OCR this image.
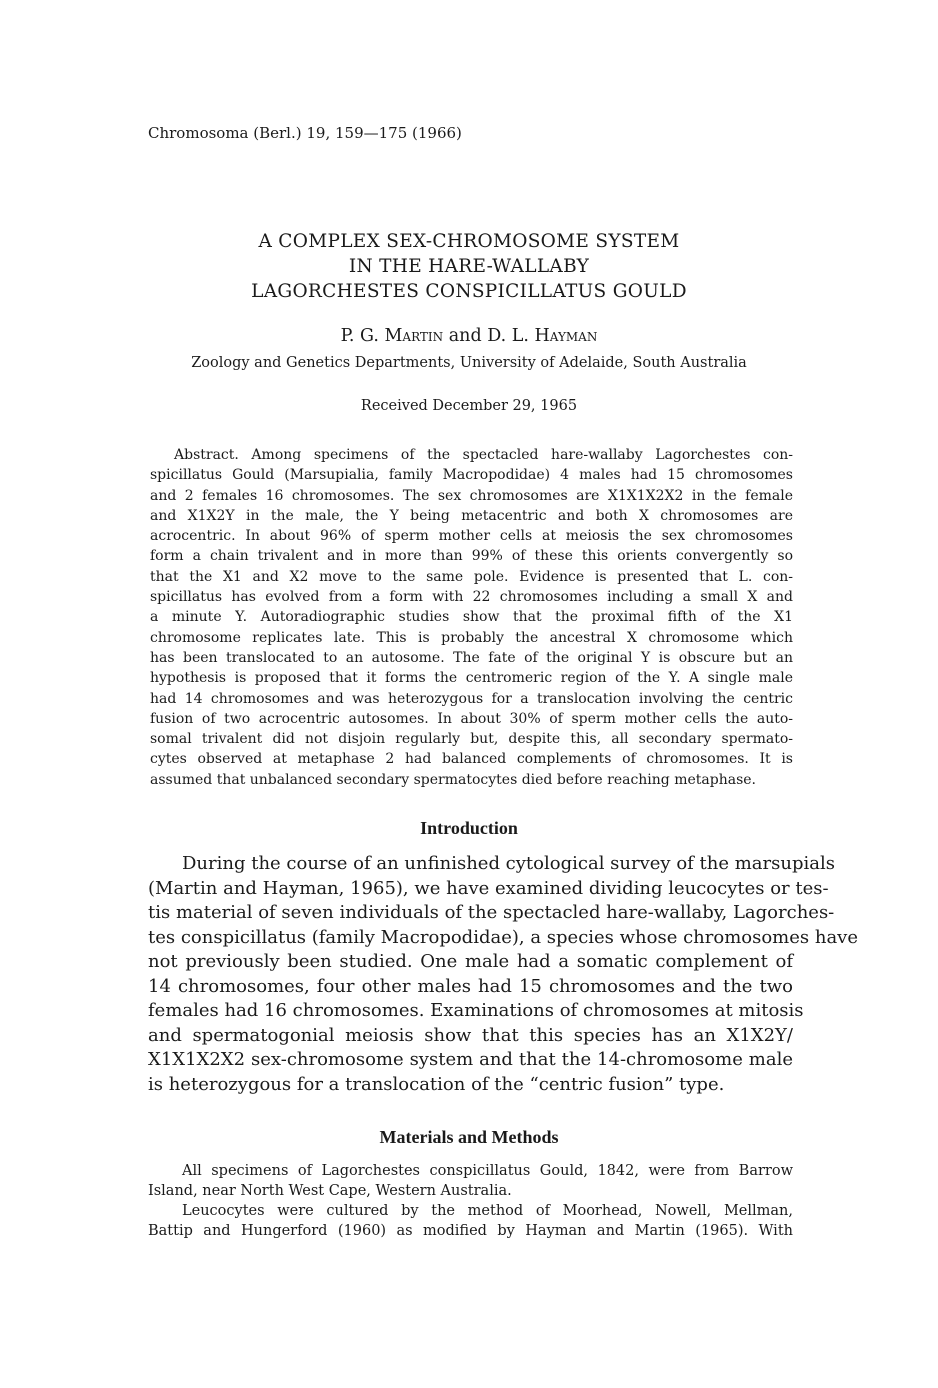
Chromosoma (Berl.) 19, 159—175 (1966)
A COMPLEX SEX-CHROMOSOME SYSTEM
IN THE HARE-WALLABY
LAGORCHESTES CONSPICILLATUS GOULD
P. G. Martin and D. L. Hayman
Zoology and Genetics Departments, University of Adelaide, South Australia
Received December 29, 1965
Abstract. Among specimens of the spectacled hare-wallaby Lagorchestes con-
spicillatus Gould (Marsupialia, family Macropodidae) 4 males had 15 chromosomes
and 2 females 16 chromosomes. The sex chromosomes are X1X1X2X2 in the female
and X1X2Y in the male, the Y being metacentric and both X chromosomes are
acrocentric. In about 96% of sperm mother cells at meiosis the sex chromosomes
form a chain trivalent and in more than 99% of these this orients convergently so
that the X1 and X2 move to the same pole. Evidence is presented that L. con-
spicillatus has evolved from a form with 22 chromosomes including a small X and
a minute Y. Autoradiographic studies show that the proximal fifth of the X1
chromosome replicates late. This is probably the ancestral X chromosome which
has been translocated to an autosome. The fate of the original Y is obscure but an
hypothesis is proposed that it forms the centromeric region of the Y. A single male
had 14 chromosomes and was heterozygous for a translocation involving the centric
fusion of two acrocentric autosomes. In about 30% of sperm mother cells the auto-
somal trivalent did not disjoin regularly but, despite this, all secondary spermato-
cytes observed at metaphase 2 had balanced complements of chromosomes. It is
assumed that unbalanced secondary spermatocytes died before reaching metaphase.
Introduction
During the course of an unfinished cytological survey of the marsupials
(Martin and Hayman, 1965), we have examined dividing leucocytes or tes-
tis material of seven individuals of the spectacled hare-wallaby, Lagorches-
tes conspicillatus (family Macropodidae), a species whose chromosomes have
not previously been studied. One male had a somatic complement of
14 chromosomes, four other males had 15 chromosomes and the two
females had 16 chromosomes. Examinations of chromosomes at mitosis
and spermatogonial meiosis show that this species has an X1X2Y/
X1X1X2X2 sex-chromosome system and that the 14-chromosome male
is heterozygous for a translocation of the “centric fusion” type.
Materials and Methods
All specimens of Lagorchestes conspicillatus Gould, 1842, were from Barrow
Island, near North West Cape, Western Australia.
Leucocytes were cultured by the method of Moorhead, Nowell, Mellman,
Battip and Hungerford (1960) as modified by Hayman and Martin (1965). With
